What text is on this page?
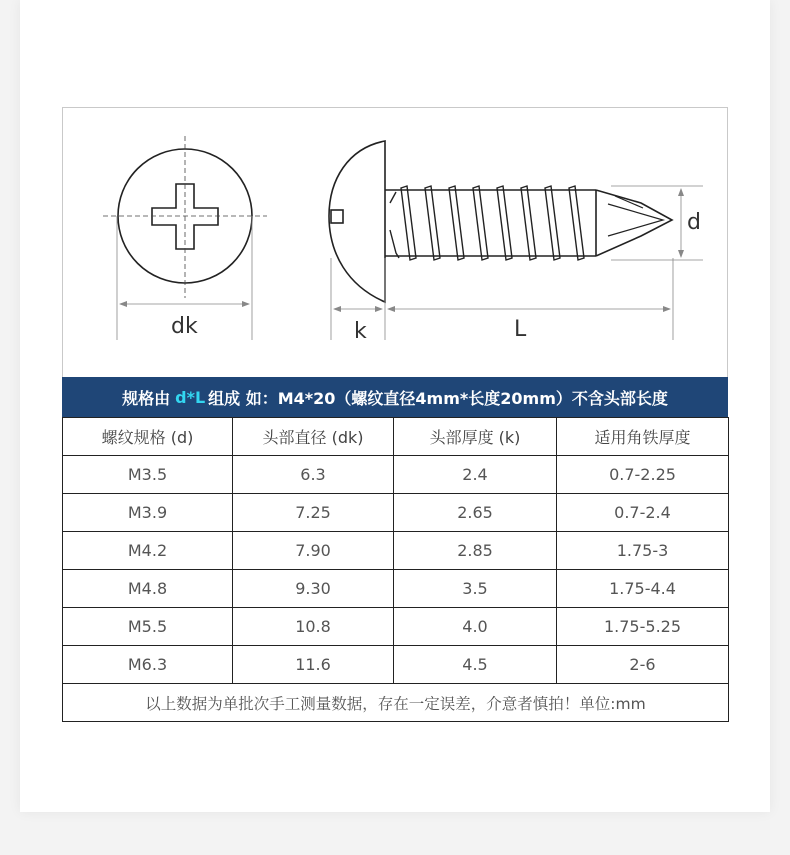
dk	k	L
d
规格由 d*L 组成 如：M4*20（螺纹直径4mm*长度20mm）不含头部长度
螺纹规格 (d)	头部直径 (dk)	头部厚度 (k)	适用角铁厚度
M3.5	6.3	2.4	0.7-2.25
M3.9	7.25	2.65	0.7-2.4
M4.2	7.90	2.85	1.75-3
M4.8	9.30	3.5	1.75-4.4
M5.5	10.8	4.0	1.75-5.25
M6.3	11.6	4.5	2-6
以上数据为单批次手工测量数据，存在一定误差，介意者慎拍！单位:mm			
